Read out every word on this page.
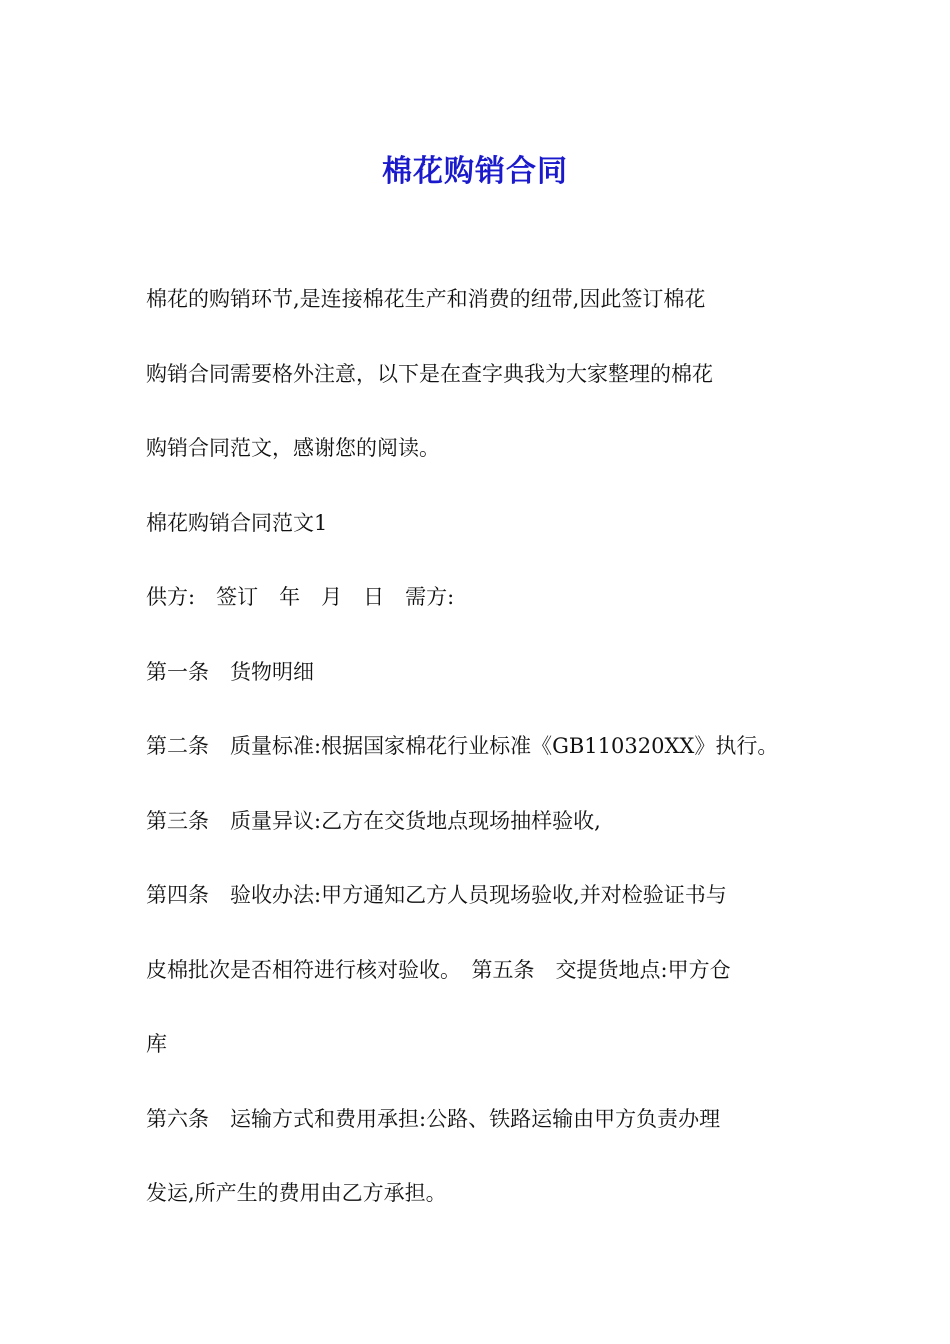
棉花购销合同

棉花的购销环节,是连接棉花生产和消费的纽带,因此签订棉花

购销合同需要格外注意，以下是在查字典我为大家整理的棉花

购销合同范文，感谢您的阅读。

棉花购销合同范文1

供方:　签订　年　月　日　需方:

第一条　货物明细

第二条　质量标准:根据国家棉花行业标准《GB110320XX》执行。

第三条　质量异议:乙方在交货地点现场抽样验收,

第四条　验收办法:甲方通知乙方人员现场验收,并对检验证书与

皮棉批次是否相符进行核对验收。　第五条　交提货地点:甲方仓

库

第六条　运输方式和费用承担:公路、铁路运输由甲方负责办理

发运,所产生的费用由乙方承担。
